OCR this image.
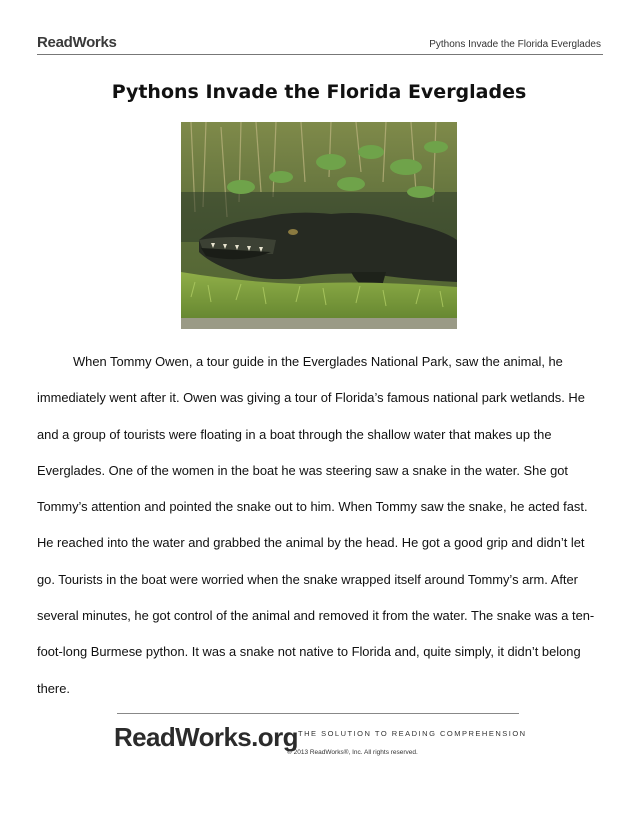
ReadWorks	Pythons Invade the Florida Everglades
Pythons Invade the Florida Everglades

When Tommy Owen, a tour guide in the Everglades National Park, saw the animal, he immediately went after it. Owen was giving a tour of Florida’s famous national park wetlands. He and a group of tourists were floating in a boat through the shallow water that makes up the Everglades. One of the women in the boat he was steering saw a snake in the water. She got Tommy’s attention and pointed the snake out to him. When Tommy saw the snake, he acted fast. He reached into the water and grabbed the animal by the head. He got a good grip and didn’t let go. Tourists in the boat were worried when the snake wrapped itself around Tommy’s arm. After several minutes, he got control of the animal and removed it from the water. The snake was a ten-foot-long Burmese python. It was a snake not native to Florida and, quite simply, it didn’t belong there.

ReadWorks.org THE SOLUTION TO READING COMPREHENSION
© 2013 ReadWorks®, Inc. All rights reserved.
